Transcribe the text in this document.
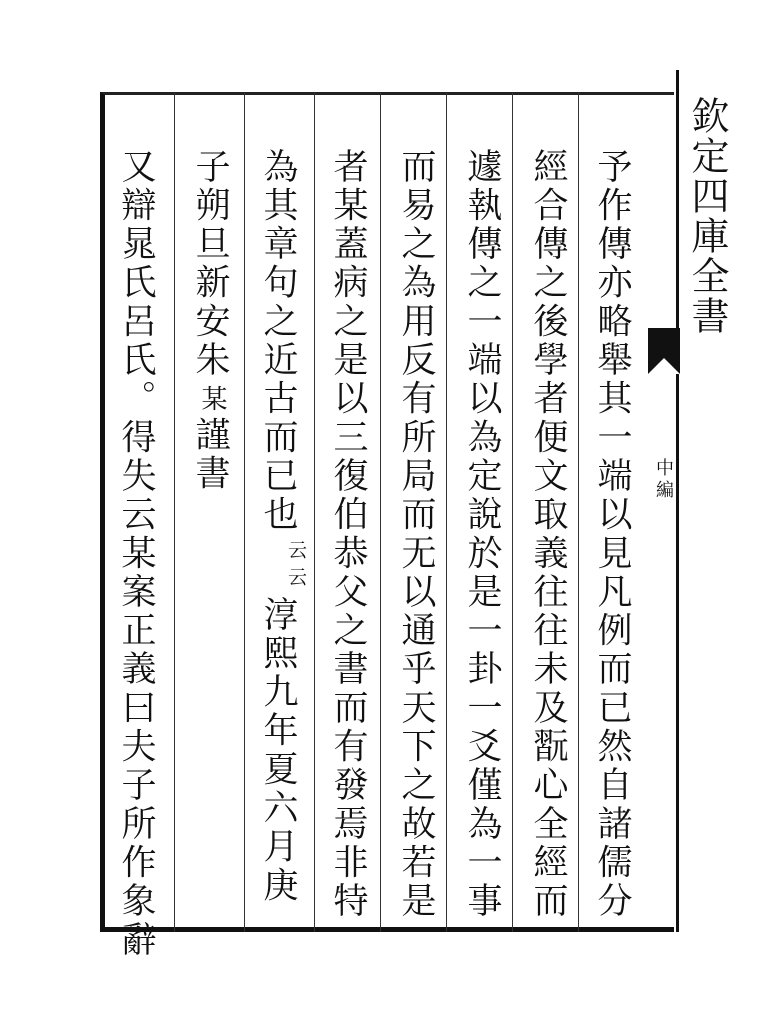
欽定四庫全書
中編
予作傳亦略舉其一端以見凡例而已然自諸儒分
經合傳之後學者便文取義往往未及翫心全經而
遽執傳之一端以為定說於是一卦一爻僅為一事
而易之為用反有所局而无以通乎天下之故若是
者某蓋病之是以三復伯恭父之書而有發焉非特
為其章句之近古而已也
云云
淳熙九年夏六月庚
子朔旦新安朱
某
謹書
又辯晁氏呂氏。得失云某案正義曰夫子所作象辭
